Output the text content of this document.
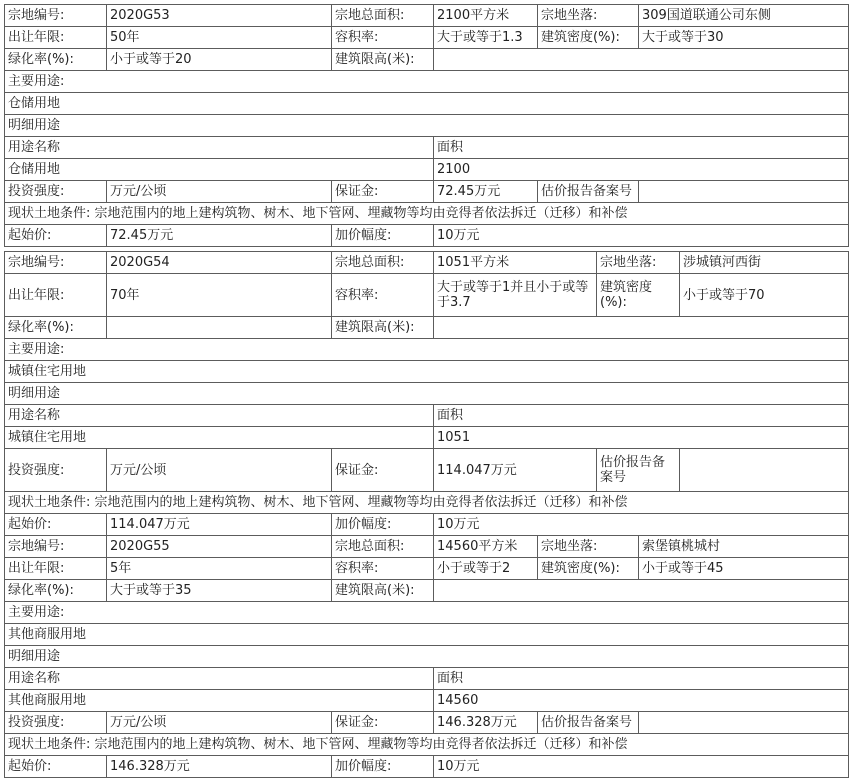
宗地编号:	2020G53	宗地总面积:	2100平方米	宗地坐落:	309国道联通公司东侧
出让年限:	50年	容积率:	大于或等于1.3	建筑密度(%):	大于或等于30
绿化率(%):	小于或等于20	建筑限高(米):			
主要用途:					
仓储用地					
明细用途					
用途名称			面积		
仓储用地			2100		
投资强度:	万元/公顷	保证金:	72.45万元	估价报告备案号	
现状土地条件: 宗地范围内的地上建构筑物、树木、地下管网、埋藏物等均由竞得者依法拆迁（迁移）和补偿					
起始价:	72.45万元	加价幅度:	10万元		
宗地编号:	2020G54	宗地总面积:	1051平方米	宗地坐落:	涉城镇河西街
出让年限:	70年	容积率:	大于或等于1并且小于或等于3.7	建筑密度(%):	小于或等于70
绿化率(%):		建筑限高(米):			
主要用途:					
城镇住宅用地					
明细用途					
用途名称			面积		
城镇住宅用地			1051		
投资强度:	万元/公顷	保证金:	114.047万元	估价报告备案号	
现状土地条件: 宗地范围内的地上建构筑物、树木、地下管网、埋藏物等均由竞得者依法拆迁（迁移）和补偿					
起始价:	114.047万元	加价幅度:	10万元		
宗地编号:	2020G55	宗地总面积:	14560平方米	宗地坐落:	索堡镇桃城村
出让年限:	5年	容积率:	小于或等于2	建筑密度(%):	小于或等于45
绿化率(%):	大于或等于35	建筑限高(米):			
主要用途:					
其他商服用地					
明细用途					
用途名称			面积		
其他商服用地			14560		
投资强度:	万元/公顷	保证金:	146.328万元	估价报告备案号	
现状土地条件: 宗地范围内的地上建构筑物、树木、地下管网、埋藏物等均由竞得者依法拆迁（迁移）和补偿					
起始价:	146.328万元	加价幅度:	10万元		
